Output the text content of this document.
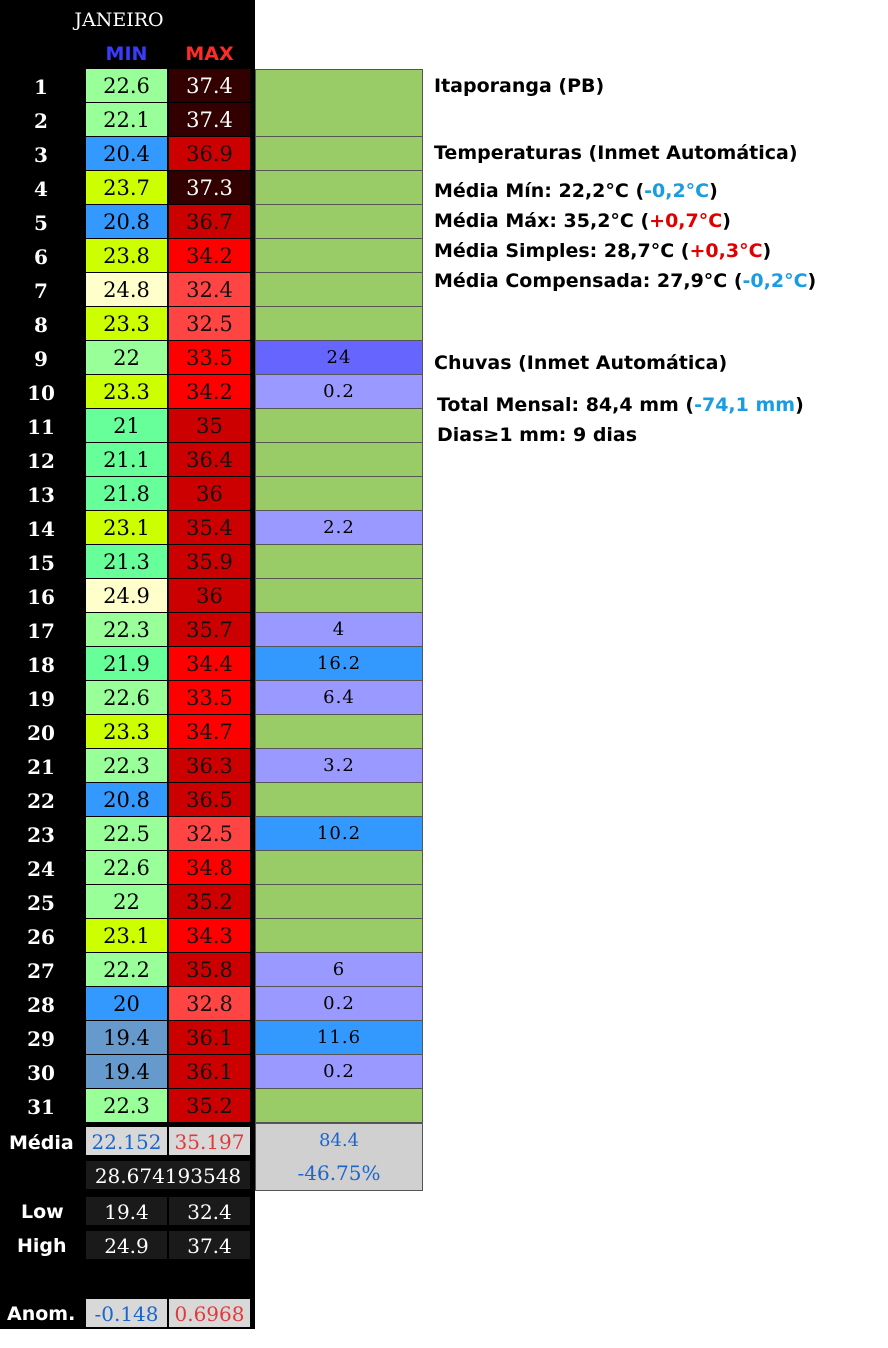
JANEIRO
MIN	MAX
1	22.6	37.4
2	22.1	37.4
3	20.4	36.9
4	23.7	37.3
5	20.8	36.7
6	23.8	34.2
7	24.8	32.4
8	23.3	32.5
9	22	33.5	24
10	23.3	34.2	0.2
11	21	35
12	21.1	36.4
13	21.8	36
14	23.1	35.4	2.2
15	21.3	35.9
16	24.9	36
17	22.3	35.7	4
18	21.9	34.4	16.2
19	22.6	33.5	6.4
20	23.3	34.7
21	22.3	36.3	3.2
22	20.8	36.5
23	22.5	32.5	10.2
24	22.6	34.8
25	22	35.2
26	23.1	34.3
27	22.2	35.8	6
28	20	32.8	0.2
29	19.4	36.1	11.6
30	19.4	36.1	0.2
31	22.3	35.2
Média 22.152 35.197	84.4
28.674193548	-46.75%
Low	19.4	32.4
High	24.9	37.4
Anom. -0.148 0.6968
Itaporanga (PB)
Temperaturas (Inmet Automática)
Média Mín: 22,2°C (-0,2°C)
Média Máx: 35,2°C (+0,7°C)
Média Simples: 28,7°C (+0,3°C)
Média Compensada: 27,9°C (-0,2°C)
Chuvas (Inmet Automática)
Total Mensal: 84,4 mm (-74,1 mm)
Dias≥1 mm: 9 dias
